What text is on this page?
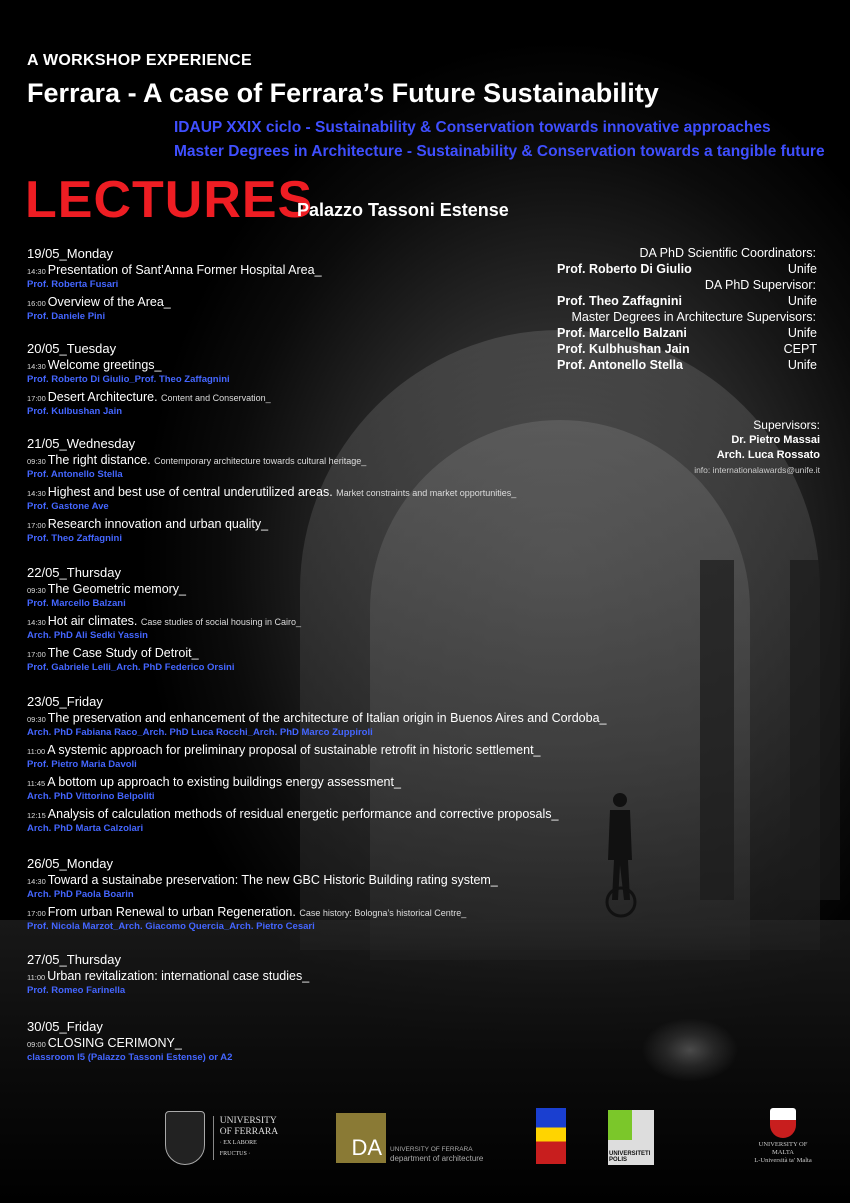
A WORKSHOP EXPERIENCE
Ferrara - A case of Ferrara’s Future Sustainability
IDAUP XXIX ciclo - Sustainability & Conservation towards innovative approaches
Master Degrees in Architecture - Sustainability & Conservation towards a tangible future
LECTURES
Palazzo Tassoni Estense
DA PhD Scientific Coordinators:
Prof. Roberto Di Giulio	Unife
DA PhD Supervisor:
Prof. Theo Zaffagnini	Unife
Master Degrees in Architecture Supervisors:
Prof. Marcello Balzani	Unife
Prof. Kulbhushan Jain	CEPT
Prof. Antonello Stella	Unife
Supervisors:
Dr. Pietro Massai
Arch. Luca Rossato
info: internationalawards@unife.it
UNIVERSITY
OF FERRARA
· EX LABORE FRUCTUS ·	DA	UNIVERSITY OF FERRARA
department of architecture	UNIVERSITETI POLIS
UNIVERSITY OF MALTA
L-Università ta' Malta
19/05_Monday
14:30 Presentation of Sant’Anna Former Hospital Area_
Prof. Roberta Fusari
16:00 Overview of the Area_
Prof. Daniele Pini
20/05_Tuesday
14:30 Welcome greetings_
Prof. Roberto Di Giulio_Prof. Theo Zaffagnini
17:00 Desert Architecture. Content and Conservation_
Prof. Kulbushan Jain
21/05_Wednesday
09:30 The right distance. Contemporary architecture towards cultural heritage_
Prof. Antonello Stella
14:30 Highest and best use of central underutilized areas. Market constraints and market opportunities_
Prof. Gastone Ave
17:00 Research innovation and urban quality_
Prof. Theo Zaffagnini
22/05_Thursday
09:30 The Geometric memory_
Prof. Marcello Balzani
14:30 Hot air climates. Case studies of social housing in Cairo_
Arch. PhD Ali Sedki Yassin
17:00 The Case Study of Detroit_
Prof. Gabriele Lelli_Arch. PhD Federico Orsini
23/05_Friday
09:30 The preservation and enhancement of the architecture of Italian origin in Buenos Aires and Cordoba_
Arch. PhD Fabiana Raco_Arch. PhD Luca Rocchi_Arch. PhD Marco Zuppiroli
11:00 A systemic approach for preliminary proposal of sustainable retrofit in historic settlement_
Prof. Pietro Maria Davoli
11:45 A bottom up approach to existing buildings energy assessment_
Arch. PhD Vittorino Belpoliti
12:15 Analysis of calculation methods of residual energetic performance and corrective proposals_
Arch. PhD Marta Calzolari
26/05_Monday
14:30 Toward a sustainabe preservation: The new GBC Historic Building rating system_
Arch. PhD Paola Boarin
17:00 From urban Renewal to urban Regeneration. Case history: Bologna’s historical Centre_
Prof. Nicola Marzot_Arch. Giacomo Quercia_Arch. Pietro Cesari
27/05_Thursday
11:00 Urban revitalization: international case studies_
Prof. Romeo Farinella
30/05_Friday
09:00 CLOSING CERIMONY_
classroom I5 (Palazzo Tassoni Estense) or A2
